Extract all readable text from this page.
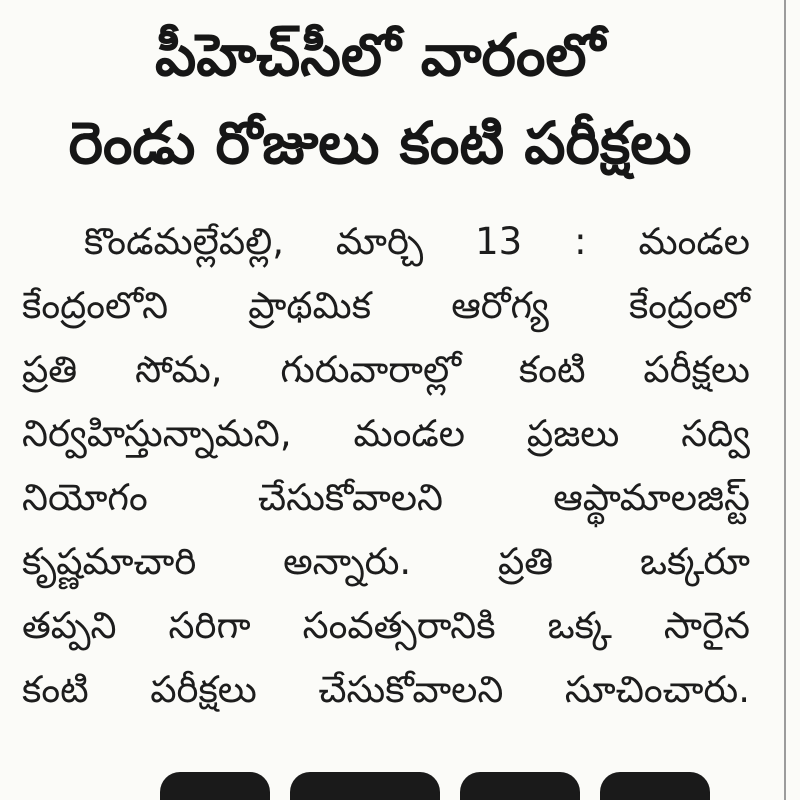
పీహెచ్‌సీలో వారంలో
రెండు రోజులు కంటి పరీక్షలు
కొండమల్లేపల్లి, మార్చి 13 : మండల
కేంద్రంలోని ప్రాథమిక ఆరోగ్య కేంద్రంలో
ప్రతి సోమ, గురువారాల్లో కంటి పరీక్షలు
నిర్వహిస్తున్నామని, మండల ప్రజలు సద్వి
నియోగం చేసుకోవాలని ఆప్థామాలజిస్ట్
కృష్ణమాచారి అన్నారు. ప్రతి ఒక్కరూ
తప్పని సరిగా సంవత్సరానికి ఒక్క సారైన
కంటి పరీక్షలు చేసుకోవాలని సూచించారు.
